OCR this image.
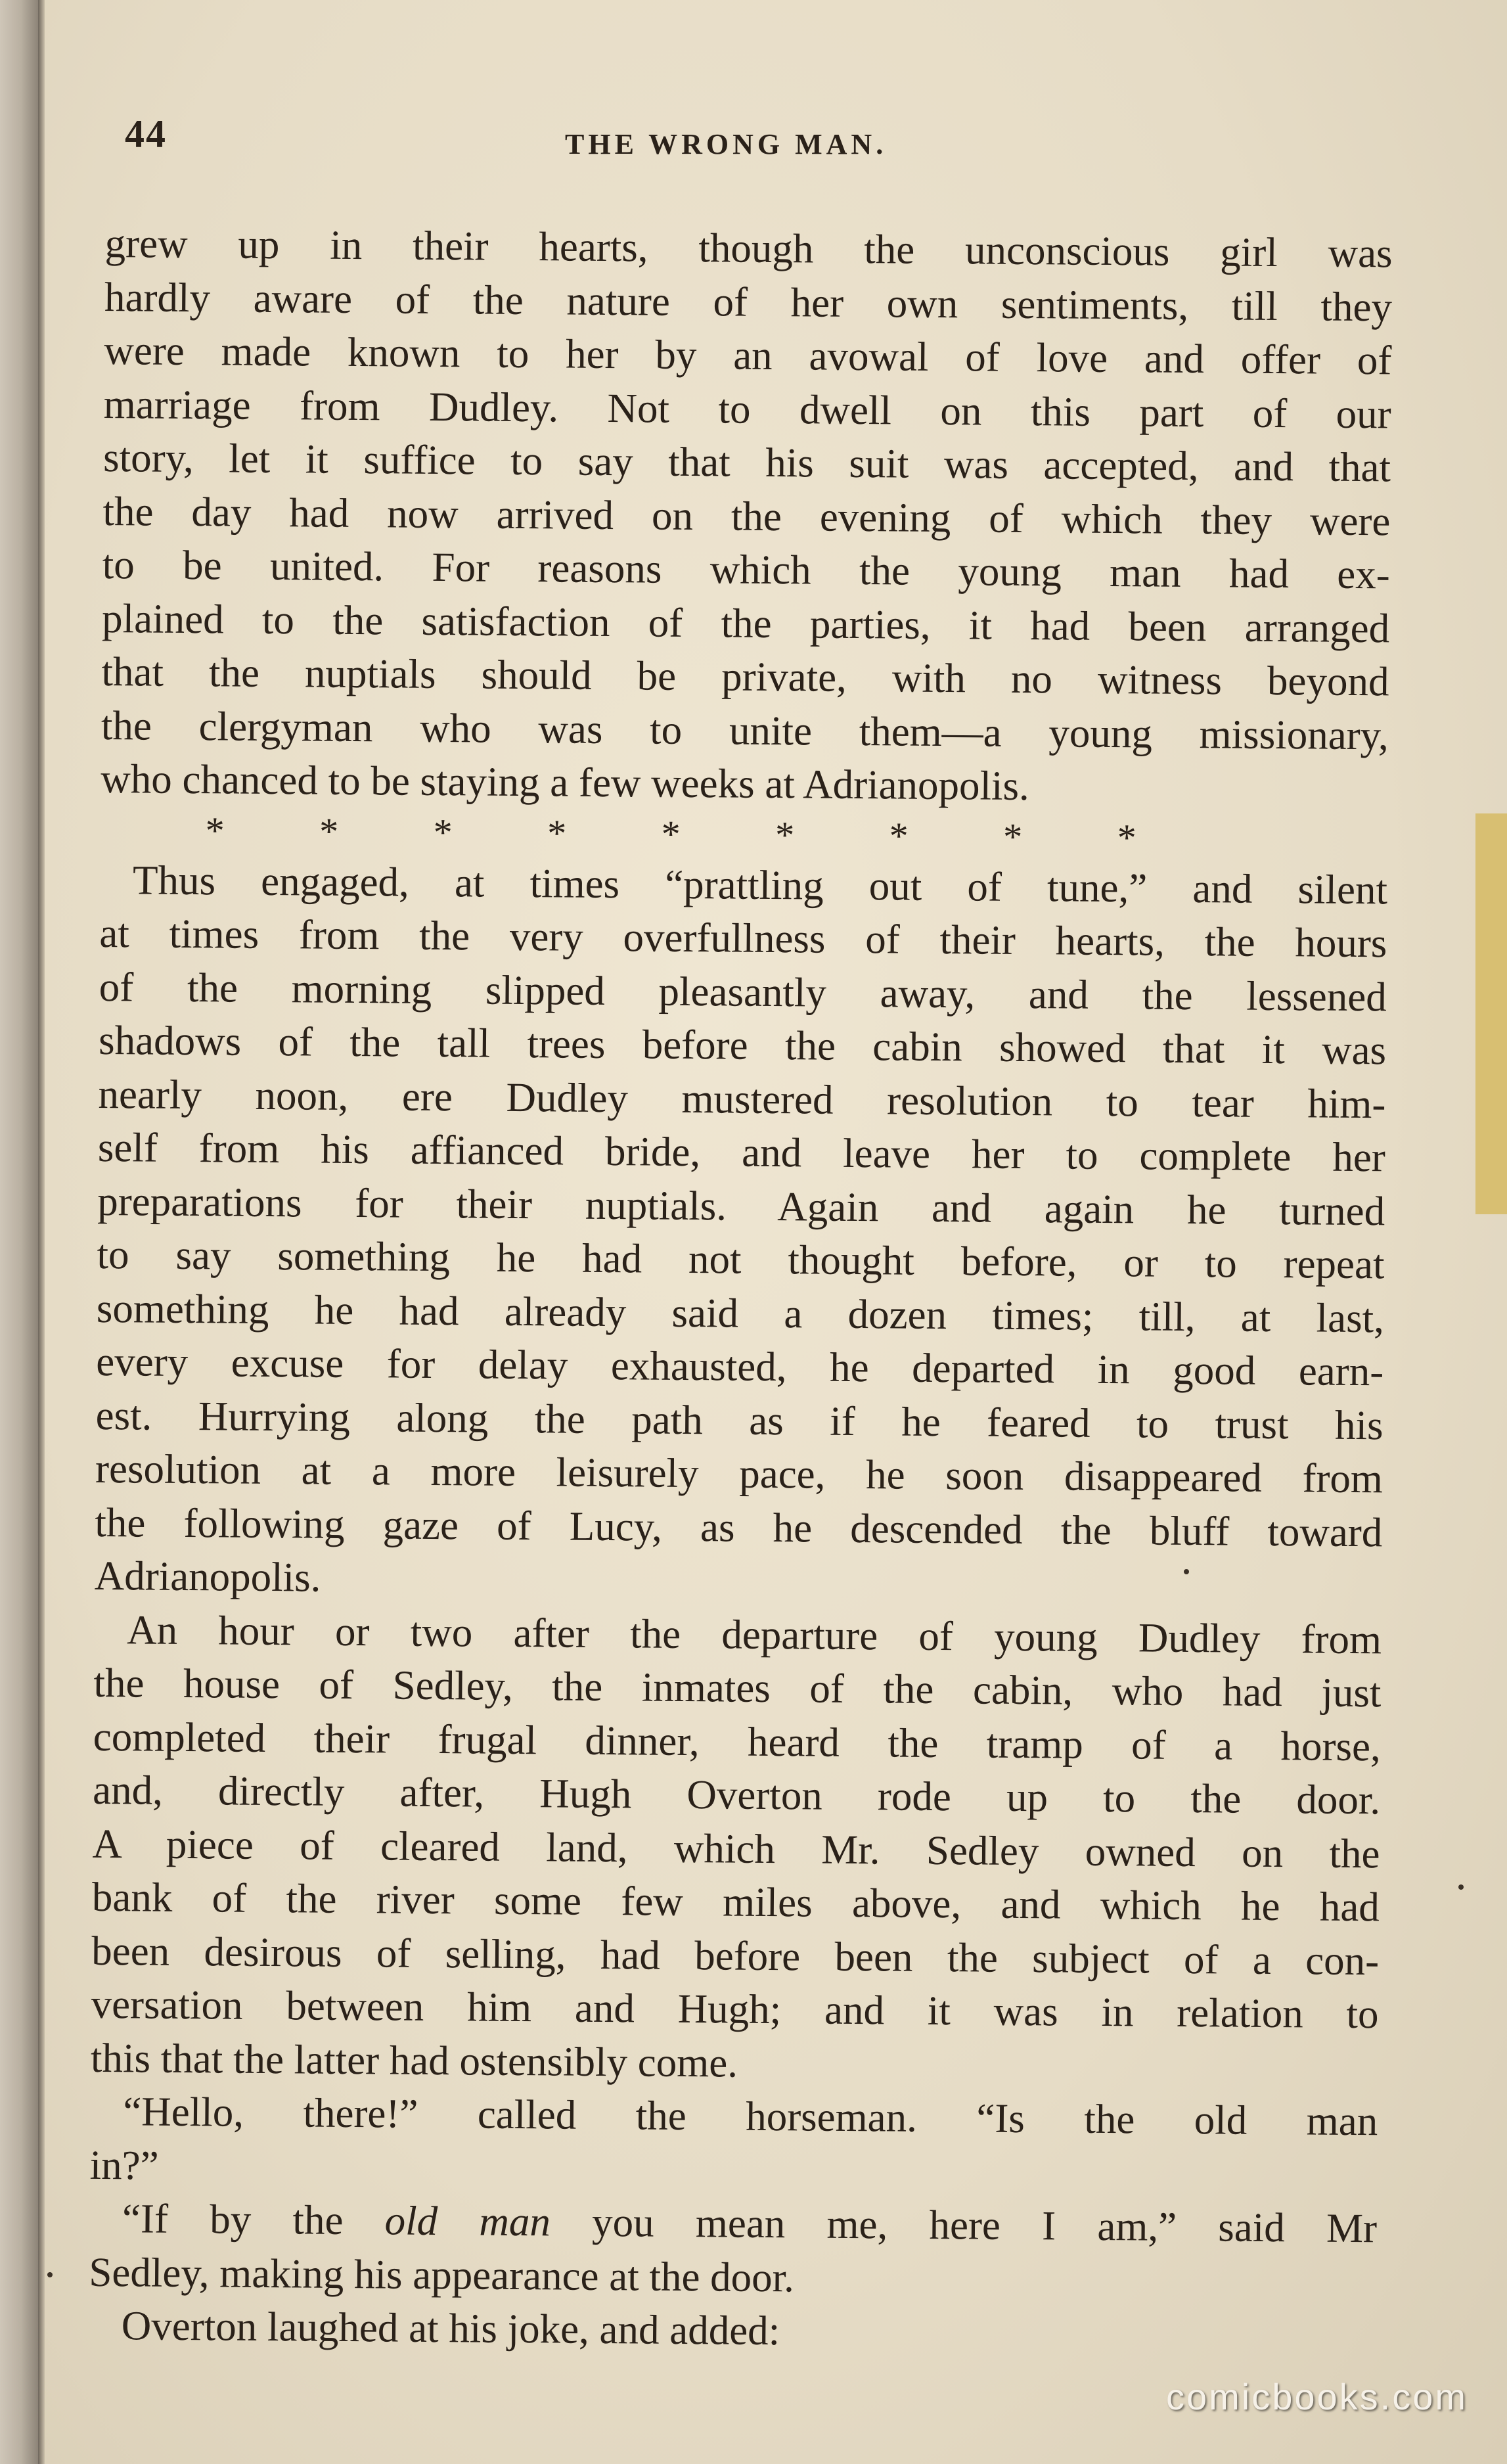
44	THE WRONG MAN.
grew up in their hearts, though the unconscious girl was
hardly aware of the nature of her own sentiments, till they
were made known to her by an avowal of love and offer of
marriage from Dudley. Not to dwell on this part of our
story, let it suffice to say that his suit was accepted, and that
the day had now arrived on the evening of which they were
to be united. For reasons which the young man had ex-
plained to the satisfaction of the parties, it had been arranged
that the nuptials should be private, with no witness beyond
the clergyman who was to unite them—a young missionary,
who chanced to be staying a few weeks at Adrianopolis.
* * * * * * * * *
Thus engaged, at times “prattling out of tune,” and silent
at times from the very overfullness of their hearts, the hours
of the morning slipped pleasantly away, and the lessened
shadows of the tall trees before the cabin showed that it was
nearly noon, ere Dudley mustered resolution to tear him-
self from his affianced bride, and leave her to complete her
preparations for their nuptials. Again and again he turned
to say something he had not thought before, or to repeat
something he had already said a dozen times; till, at last,
every excuse for delay exhausted, he departed in good earn-
est. Hurrying along the path as if he feared to trust his
resolution at a more leisurely pace, he soon disappeared from
the following gaze of Lucy, as he descended the bluff toward
Adrianopolis.
An hour or two after the departure of young Dudley from
the house of Sedley, the inmates of the cabin, who had just
completed their frugal dinner, heard the tramp of a horse,
and, directly after, Hugh Overton rode up to the door.
A piece of cleared land, which Mr. Sedley owned on the
bank of the river some few miles above, and which he had
been desirous of selling, had before been the subject of a con-
versation between him and Hugh; and it was in relation to
this that the latter had ostensibly come.
“Hello, there!” called the horseman. “Is the old man
in?”
“If by the old man you mean me, here I am,” said Mr
Sedley, making his appearance at the door.
Overton laughed at his joke, and added:
comicbooks.com
